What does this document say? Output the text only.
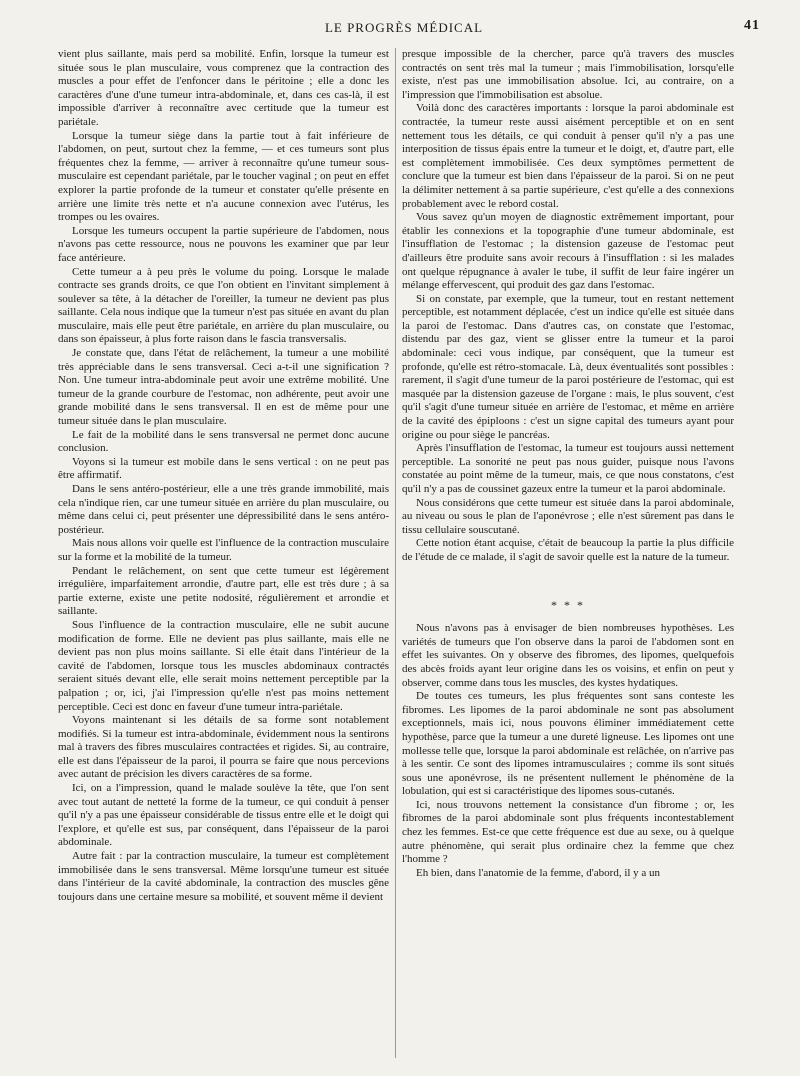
LE PROGRÈS MÉDICAL	41

vient plus saillante, mais perd sa mobilité. Enfin, lorsque la tumeur est située sous le plan musculaire, vous comprenez que la contraction des muscles a pour effet de l'enfoncer dans le péritoine ; elle a donc les caractères d'une d'une tumeur intra-abdominale, et, dans ces cas-là, il est impossible d'arriver à reconnaître avec certitude que la tumeur est pariétale.

Lorsque la tumeur siège dans la partie tout à fait inférieure de l'abdomen, on peut, surtout chez la femme, — et ces tumeurs sont plus fréquentes chez la femme, — arriver à reconnaître qu'une tumeur sous-musculaire est cependant pariétale, par le toucher vaginal ; on peut en effet explorer la partie profonde de la tumeur et constater qu'elle présente en arrière une limite très nette et n'a aucune connexion avec l'utérus, les trompes ou les ovaires.

Lorsque les tumeurs occupent la partie supérieure de l'abdomen, nous n'avons pas cette ressource, nous ne pouvons les examiner que par leur face antérieure.

Cette tumeur a à peu près le volume du poing. Lorsque le malade contracte ses grands droits, ce que l'on obtient en l'invitant simplement à soulever sa tête, à la détacher de l'oreiller, la tumeur ne devient pas plus saillante. Cela nous indique que la tumeur n'est pas située en avant du plan musculaire, mais elle peut être pariétale, en arrière du plan musculaire, ou dans son épaisseur, à plus forte raison dans le fascia transversalis.

Je constate que, dans l'état de relâchement, la tumeur a une mobilité très appréciable dans le sens transversal. Ceci a-t-il une signification ? Non. Une tumeur intra-abdominale peut avoir une extrême mobilité. Une tumeur de la grande courbure de l'estomac, non adhérente, peut avoir une grande mobilité dans le sens transversal. Il en est de même pour une tumeur située dans le plan musculaire.

Le fait de la mobilité dans le sens transversal ne permet donc aucune conclusion.

Voyons si la tumeur est mobile dans le sens vertical : on ne peut pas être affirmatif.

Dans le sens antéro-postérieur, elle a une très grande immobilité, mais cela n'indique rien, car une tumeur située en arrière du plan musculaire, ou même dans celui ci, peut présenter une dépressibilité dans le sens antéro-postérieur.

Mais nous allons voir quelle est l'influence de la contraction musculaire sur la forme et la mobilité de la tumeur.

Pendant le relâchement, on sent que cette tumeur est légèrement irrégulière, imparfaitement arrondie, d'autre part, elle est très dure ; à sa partie externe, existe une petite nodosité, régulièrement et arrondie et saillante.

Sous l'influence de la contraction musculaire, elle ne subit aucune modification de forme. Elle ne devient pas plus saillante, mais elle ne devient pas non plus moins saillante. Si elle était dans l'intérieur de la cavité de l'abdomen, lorsque tous les muscles abdominaux contractés seraient situés devant elle, elle serait moins nettement perceptible par la palpation ; or, ici, j'ai l'impression qu'elle n'est pas moins nettement perceptible. Ceci est donc en faveur d'une tumeur intra-pariétale.

Voyons maintenant si les détails de sa forme sont notablement modifiés. Si la tumeur est intra-abdominale, évidemment nous la sentirons mal à travers des fibres musculaires contractées et rigides. Si, au contraire, elle est dans l'épaisseur de la paroi, il pourra se faire que nous percevions avec autant de précision les divers caractères de sa forme.

Ici, on a l'impression, quand le malade soulève la tête, que l'on sent avec tout autant de netteté la forme de la tumeur, ce qui conduit à penser qu'il n'y a pas une épaisseur considérable de tissus entre elle et le doigt qui l'explore, et qu'elle est sus, par conséquent, dans l'épaisseur de la paroi abdominale.

Autre fait : par la contraction musculaire, la tumeur est complètement immobilisée dans le sens transversal. Même lorsqu'une tumeur est située dans l'intérieur de la cavité abdominale, la contraction des muscles gêne toujours dans une certaine mesure sa mobilité, et souvent même il devient

presque impossible de la chercher, parce qu'à travers des muscles contractés on sent très mal la tumeur ; mais l'immobilisation, lorsqu'elle existe, n'est pas une immobilisation absolue. Ici, au contraire, on a l'impression que l'immobilisation est absolue.

Voilà donc des caractères importants : lorsque la paroi abdominale est contractée, la tumeur reste aussi aisément perceptible et on en sent nettement tous les détails, ce qui conduit à penser qu'il n'y a pas une interposition de tissus épais entre la tumeur et le doigt, et, d'autre part, elle est complètement immobilisée. Ces deux symptômes permettent de conclure que la tumeur est bien dans l'épaisseur de la paroi. Si on ne peut la délimiter nettement à sa partie supérieure, c'est qu'elle a des connexions probablement avec le rebord costal.

Vous savez qu'un moyen de diagnostic extrêmement important, pour établir les connexions et la topographie d'une tumeur abdominale, est l'insufflation de l'estomac ; la distension gazeuse de l'estomac peut d'ailleurs être produite sans avoir recours à l'insufflation : si les malades ont quelque répugnance à avaler le tube, il suffit de leur faire ingérer un mélange effervescent, qui produit des gaz dans l'estomac.

Si on constate, par exemple, que la tumeur, tout en restant nettement perceptible, est notamment déplacée, c'est un indice qu'elle est située dans la paroi de l'estomac. Dans d'autres cas, on constate que l'estomac, distendu par des gaz, vient se glisser entre la tumeur et la paroi abdominale: ceci vous indique, par conséquent, que la tumeur est profonde, qu'elle est rétro-stomacale. Là, deux éventualités sont possibles : rarement, il s'agit d'une tumeur de la paroi postérieure de l'estomac, qui est masquée par la distension gazeuse de l'organe : mais, le plus souvent, c'est qu'il s'agit d'une tumeur située en arrière de l'estomac, et même en arrière de la cavité des épiploons : c'est un signe capital des tumeurs ayant pour origine ou pour siège le pancréas.

Après l'insufflation de l'estomac, la tumeur est toujours aussi nettement perceptible. La sonorité ne peut pas nous guider, puisque nous l'avons constatée au point même de la tumeur, mais, ce que nous constatons, c'est qu'il n'y a pas de coussinet gazeux entre la tumeur et la paroi abdominale.

Nous considérons que cette tumeur est située dans la paroi abdominale, au niveau ou sous le plan de l'aponévrose ; elle n'est sûrement pas dans le tissu cellulaire souscutané.

Cette notion étant acquise, c'était de beaucoup la partie la plus difficile de l'étude de ce malade, il s'agit de savoir quelle est la nature de la tumeur.

* * *

Nous n'avons pas à envisager de bien nombreuses hypothèses. Les variétés de tumeurs que l'on observe dans la paroi de l'abdomen sont en effet les suivantes. On y observe des fibromes, des lipomes, quelquefois des abcès froids ayant leur origine dans les os voisins, et enfin on peut y observer, comme dans tous les muscles, des kystes hydatiques.

De toutes ces tumeurs, les plus fréquentes sont sans conteste les fibromes. Les lipomes de la paroi abdominale ne sont pas absolument exceptionnels, mais ici, nous pouvons éliminer immédiatement cette hypothèse, parce que la tumeur a une dureté ligneuse. Les lipomes ont une mollesse telle que, lorsque la paroi abdominale est relâchée, on n'arrive pas à les sentir. Ce sont des lipomes intramusculaires ; comme ils sont situés sous une aponévrose, ils ne présentent nullement le phénomène de la lobulation, qui est si caractéristique des lipomes sous-cutanés.

Ici, nous trouvons nettement la consistance d'un fibrome ; or, les fibromes de la paroi abdominale sont plus fréquents incontestablement chez les femmes. Est-ce que cette fréquence est due au sexe, ou à quelque autre phénomène, qui serait plus ordinaire chez la femme que chez l'homme ?

Eh bien, dans l'anatomie de la femme, d'abord, il y a un
